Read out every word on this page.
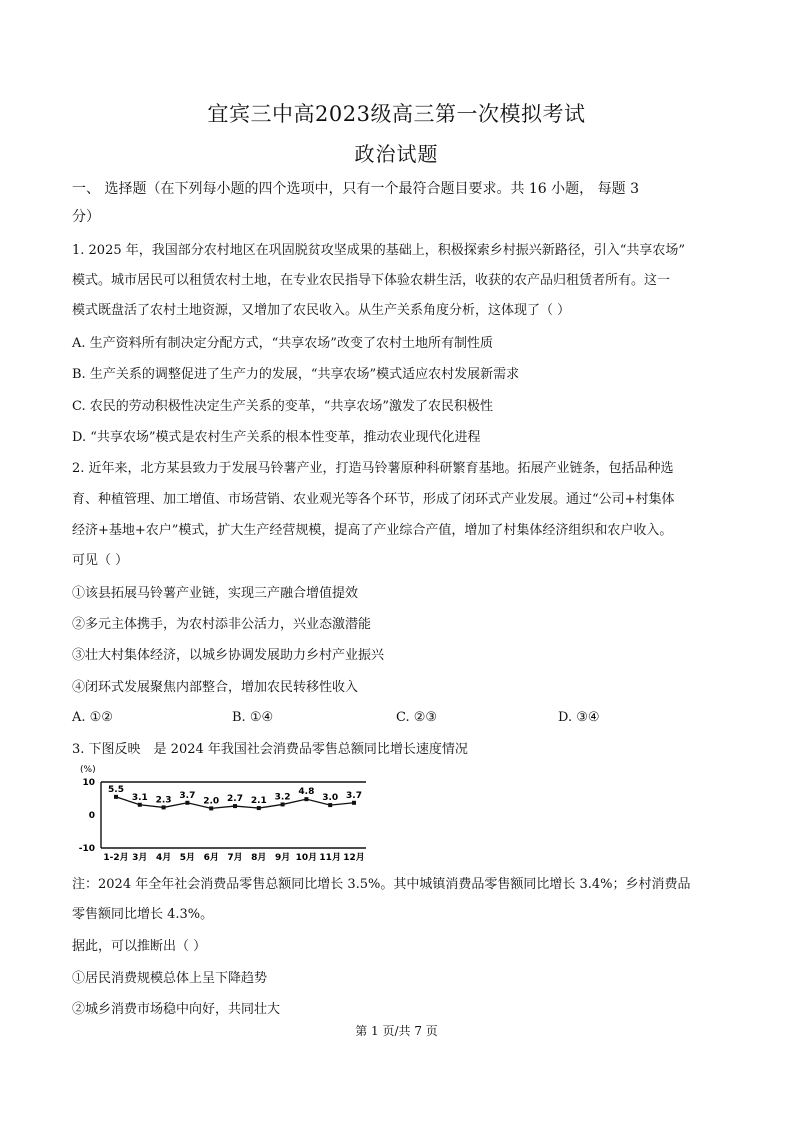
宜宾三中高2023级高三第一次模拟考试
政治试题
一、 选择题（在下列每小题的四个选项中，只有一个最符合题目要求。共 16 小题， 每题 3
分）
1. 2025 年，我国部分农村地区在巩固脱贫攻坚成果的基础上，积极探索乡村振兴新路径，引入“共享农场”
模式。城市居民可以租赁农村土地，在专业农民指导下体验农耕生活，收获的农产品归租赁者所有。这一
模式既盘活了农村土地资源，又增加了农民收入。从生产关系角度分析，这体现了（ ）
A. 生产资料所有制决定分配方式，“共享农场”改变了农村土地所有制性质
B. 生产关系的调整促进了生产力的发展，“共享农场”模式适应农村发展新需求
C. 农民的劳动积极性决定生产关系的变革，“共享农场”激发了农民积极性
D. “共享农场”模式是农村生产关系的根本性变革，推动农业现代化进程
2. 近年来，北方某县致力于发展马铃薯产业，打造马铃薯原种科研繁育基地。拓展产业链条，包括品种选
育、种植管理、加工增值、市场营销、农业观光等各个环节，形成了闭环式产业发展。通过“公司+村集体
经济+基地+农户”模式，扩大生产经营规模，提高了产业综合产值，增加了村集体经济组织和农户收入。
可见（ ）
①该县拓展马铃薯产业链，实现三产融合增值提效
②多元主体携手，为农村添非公活力，兴业态激潜能
③壮大村集体经济，以城乡协调发展助力乡村产业振兴
④闭环式发展聚焦内部整合，增加农民转移性收入
A. ①②	B. ①④	C. ②③	D. ③④
3. 下图反映　是 2024 年我国社会消费品零售总额同比增长速度情况
(%)
10
0
-10
1-2月 3月 4月 5月 6月 7月 8月 9月 10月 11月 12月
5.5
3.1 2.3 3.7
2.0 2.7 2.1 3.2
4.8
3.0 3.7
注：2024 年全年社会消费品零售总额同比增长 3.5%。其中城镇消费品零售额同比增长 3.4%；乡村消费品
零售额同比增长 4.3%。
据此，可以推断出（ ）
①居民消费规模总体上呈下降趋势
②城乡消费市场稳中向好，共同壮大
第 1 页/共 7 页
